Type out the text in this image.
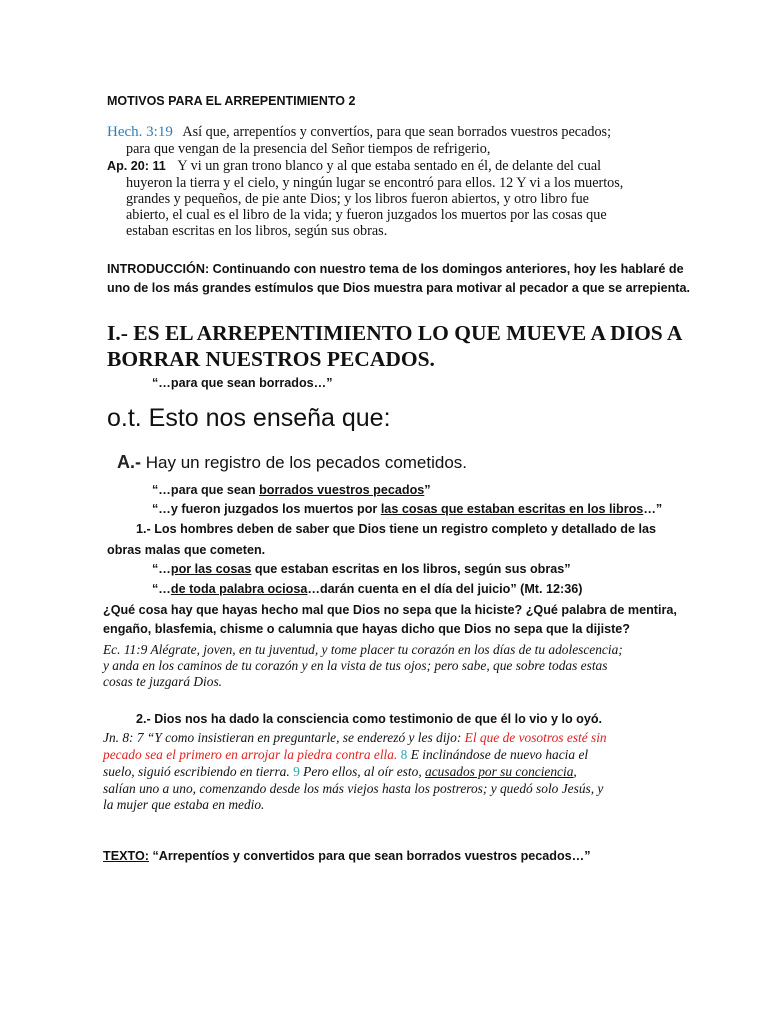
MOTIVOS PARA EL ARREPENTIMIENTO 2
Hech. 3:19 Así que, arrepentíos y convertíos, para que sean borrados vuestros pecados;
para que vengan de la presencia del Señor tiempos de refrigerio,
Ap. 20: 11 Y vi un gran trono blanco y al que estaba sentado en él, de delante del cual
huyeron la tierra y el cielo, y ningún lugar se encontró para ellos. 12 Y vi a los muertos,
grandes y pequeños, de pie ante Dios; y los libros fueron abiertos, y otro libro fue
abierto, el cual es el libro de la vida; y fueron juzgados los muertos por las cosas que
estaban escritas en los libros, según sus obras.
INTRODUCCIÓN: Continuando con nuestro tema de los domingos anteriores, hoy les hablaré de
uno de los más grandes estímulos que Dios muestra para motivar al pecador a que se arrepienta.
I.- ES EL ARREPENTIMIENTO LO QUE MUEVE A DIOS A
BORRAR NUESTROS PECADOS.
“…para que sean borrados…”
o.t. Esto nos enseña que:
A.- Hay un registro de los pecados cometidos.
“…para que sean borrados vuestros pecados”
“…y fueron juzgados los muertos por las cosas que estaban escritas en los libros…”
1.- Los hombres deben de saber que Dios tiene un registro completo y detallado de las
obras malas que cometen.
“…por las cosas que estaban escritas en los libros, según sus obras”
“…de toda palabra ociosa…darán cuenta en el día del juicio” (Mt. 12:36)
¿Qué cosa hay que hayas hecho mal que Dios no sepa que la hiciste? ¿Qué palabra de mentira,
engaño, blasfemia, chisme o calumnia que hayas dicho que Dios no sepa que la dijiste?
Ec. 11:9 Alégrate, joven, en tu juventud, y tome placer tu corazón en los días de tu adolescencia;
y anda en los caminos de tu corazón y en la vista de tus ojos; pero sabe, que sobre todas estas
cosas te juzgará Dios.
2.- Dios nos ha dado la consciencia como testimonio de que él lo vio y lo oyó.
Jn. 8: 7 “Y como insistieran en preguntarle, se enderezó y les dijo: El que de vosotros esté sin
pecado sea el primero en arrojar la piedra contra ella. 8 E inclinándose de nuevo hacia el
suelo, siguió escribiendo en tierra. 9 Pero ellos, al oír esto, acusados por su conciencia,
salían uno a uno, comenzando desde los más viejos hasta los postreros; y quedó solo Jesús, y
la mujer que estaba en medio.
TEXTO: “Arrepentíos y convertidos para que sean borrados vuestros pecados…”
